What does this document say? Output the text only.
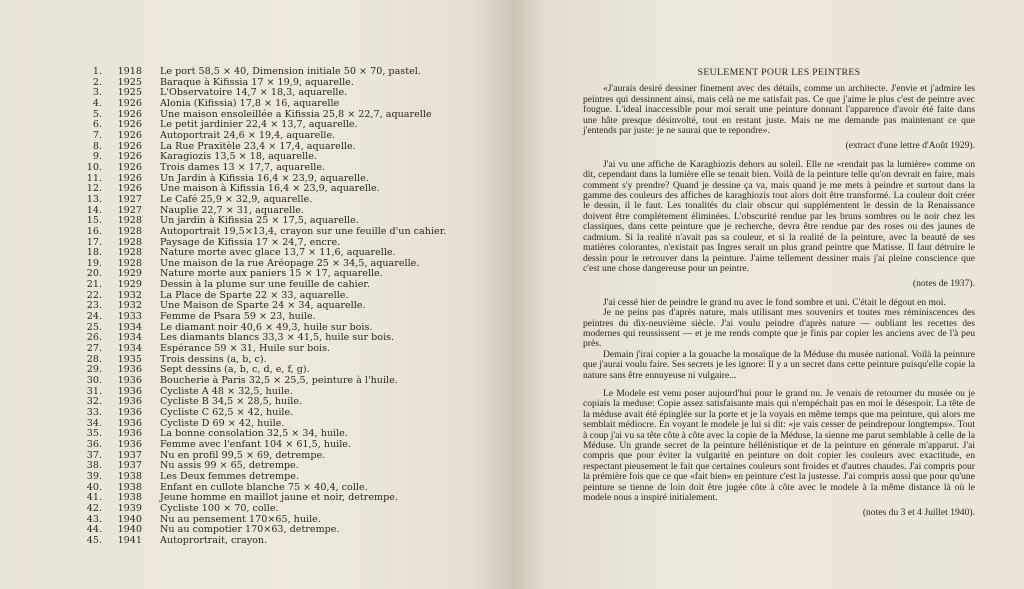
1.	1918 Le port 58,5 × 40, Dimension initiale 50 × 70, pastel.
2.	1925 Baraque à Kifissia 17 × 19,9, aquarelle.
3.	1925 L'Observatoire 14,7 × 18,3, aquarelle.
4.	1926 Alonia (Kifissia) 17,8 × 16, aquarelle
5.	1926 Une maison ensoleillée a Kifissia 25,8 × 22,7, aquarelle
6.	1926 Le petit jardinier 22,4 × 13,7, aquarelle.
7.	1926 Autoportrait 24,6 × 19,4, aquarelle.
8.	1926 La Rue Praxitèle 23,4 × 17,4, aquarelle.
9.	1926 Karagiozis 13,5 × 18, aquarelle.
10.	1926 Trois dames 13 × 17,7, aquarelle.
11.	1926 Un Jardin à Kifissia 16,4 × 23,9, aquarelle.
12.	1926 Une maison à Kifissia 16,4 × 23,9, aquarelle.
13.	1927 Le Café 25,9 × 32,9, aquarelle.
14.	1927 Nauplie 22,7 × 31, aquarelle.
15.	1928 Un jardin à Kifissia 25 × 17,5, aquarelle.
16.	1928 Autoportrait 19,5×13,4, crayon sur une feuille d'un cahier.
17.	1928 Paysage de Kifissia 17 × 24,7, encre.
18.	1928 Nature morte avec glace 13,7 × 11,6, aquarelle.
19.	1928 Une maison de la rue Aréopage 25 × 34,5, aquarelle.
20.	1929 Nature morte aux paniers 15 × 17, aquarelle.
21.	1929 Dessin à la plume sur une feuille de cahier.
22.	1932 La Place de Sparte 22 × 33, aquarelle.
23.	1932 Une Maison de Sparte 24 × 34, aquarelle.
24.	1933 Femme de Psara 59 × 23, huile.
25.	1934 Le diamant noir 40,6 × 49,3, huile sur bois.
26.	1934 Les diamants blancs 33,3 × 41,5, huile sur bois.
27.	1934 Espérance 59 × 31, Huile sur bois.
28.	1935 Trois dessins (a, b, c).
29.	1936 Sept dessins (a, b, c, d, e, f, g).
30.	1936 Boucherie à Paris 32,5 × 25,5, peinture à l'huile.
31.	1936 Cycliste A 48 × 32,5, huile.
32.	1936 Cycliste B 34,5 × 28,5, huile.
33.	1936 Cycliste C 62,5 × 42, huile.
34.	1936 Cycliste D 69 × 42, huile.
35.	1936 La bonne consolation 32,5 × 34, huile.
36.	1936 Femme avec l'enfant 104 × 61,5, huile.
37.	1937 Nu en profil 99,5 × 69, detrempe.
38.	1937 Nu assis 99 × 65, detrempe.
39.	1938 Les Deux femmes detrempe.
40.	1938 Enfant en cullote blanche 75 × 40,4, colle.
41.	1938 Jeune homme en maillot jaune et noir, detrempe.
42.	1939 Cycliste 100 × 70, colle.
43.	1940 Nu au pensement 170×65, huile.
44.	1940 Nu au compotier 170×63, detrempe.
45.	1941 Autoprortrait, crayon.

SEULEMENT POUR LES PEINTRES

«J'aurais desiré dessiner finement avec des détails, comme un architecte. J'envie et j'admire les peintres qui dessinnent ainsi, mais celà ne me satisfait pas. Ce que j'aime le plus c'est de peintre avec fougue. L'ideal inaccessible pour moi serait une peinture donnant l'apparence d'avoir été faite dans une hâte presque désinvolté, tout en restant juste. Mais ne me demande pas maintenant ce que j'entends par juste: je ne saurai que te repondre».

(extract d'une lettre d'Août 1929).

J'ai vu une affiche de Karaghiozis dehors au soleil. Elle ne «rendait pas la lumière» comme on dit, cependant dans la lumière elle se tenait bien. Voilà de la peinture telle qu'on devrait en faire, mais comment s'y prendre? Quand je dessine ça va, mais quand je me mets à peindre et surtout dans la gamme des couleurs des affiches de karaghiozis tout alors doit être transformé. La couleur doit créer le dessin, il le faut. Les tonalités du clair obscur qui supplémentent le dessin de la Renaissance doivent être complétement éliminées. L'obscurité rendue par les bruns sombres ou le noir chez les classiques, dans cette peinture que je recherche, devra être rendue par des roses ou des jaunes de cadmium. Si la realité n'avait pas sa couleur, et si la realité de la peinture, avec la beauté de ses matières colorantes, n'existait pas Ingres serait un plus grand peintre que Matisse. Il faut détruire le dessin pour le retrouver dans la peinture. J'aime tellement dessiner mais j'ai pleine conscience que c'est une chose dangereuse pour un peintre.

(notes de 1937).

J'ai cessé hier de peindre le grand nu avec le fond sombre et uni. C'était le dégout en moi.

Je ne peins pas d'après nature, mais utilisant mes souvenirs et toutes mes réminiscences des peintres du dix-neuvième siècle. J'ai voulu peindre d'après nature — oubliant les recettes des modernes qui reussissent — et je me rends compte que je finis par copier les anciens avec de l'à peu près.

Demain j'irai copier a la gouache la mosaïque de la Méduse du musée national. Voilà la peinture que j'aurai voulu faire. Ses secrets je les ignore: Il y a un secret dans cette peinture puisqu'elle copie la nature sans être ennuyeuse ni vulgaire...

Le Modele est venu poser aujourd'hui pour le grand nu. Je venais de retourner du musée ou je copiais la meduse: Copie assez satisfaisante mais qui n'empéchait pas en moi le désespoir. La tête de la méduse avait été épinglée sur la porte et je la voyais en même temps que ma peinture, qui alors me semblait médiocre. En voyant le modele je lui si dit: «je vais cesser de peindrepour longtemps». Tout à coup j'ai vu sa tête côte à côte avec la copie de la Méduse, la sienne me parut semblable à celle de la Méduse. Un grande secret de la peinture héllénistique et de la peinture en génerale m'apparut. J'ai compris que pour éviter la vulgarité en peinture on doit copier les couleurs avec exactitude, en respectant pieusement le fait que certaines couleurs sont froides et d'autres chaudes. J'ai compris pour la prémière fois que ce que «fait bien» en peinture c'est la justesse. J'ai compris aussi que pour qu'une peinture se tienne de loin doit être jugée côte à côte avec le modele à la même distance là où le modele nous a inspiré initialement.

(notes du 3 et 4 Juillet 1940).
